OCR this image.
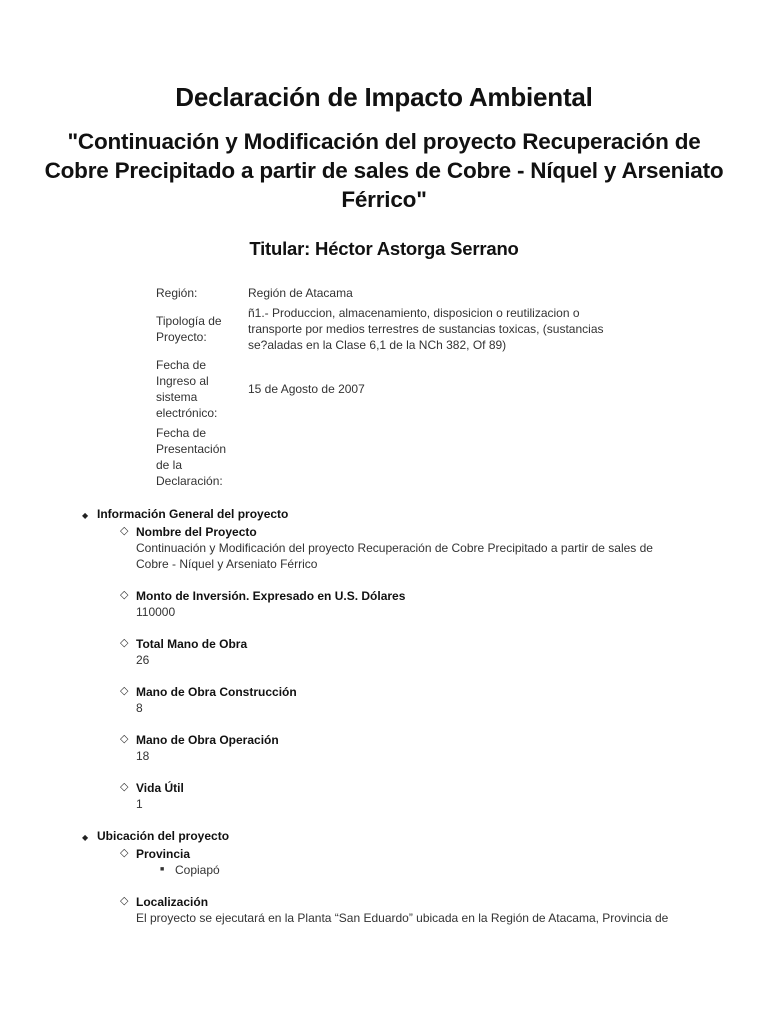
Declaración de Impacto Ambiental
"Continuación y Modificación del proyecto Recuperación de Cobre Precipitado a partir de sales de Cobre - Níquel y Arseniato Férrico"
Titular: Héctor Astorga Serrano
Región:	Región de Atacama
Tipología de Proyecto:	ñ1.- Produccion, almacenamiento, disposicion o reutilizacion o transporte por medios terrestres de sustancias toxicas, (sustancias se?aladas en la Clase 6,1 de la NCh 382, Of 89)
Fecha de Ingreso al sistema electrónico:	15 de Agosto de 2007
Fecha de Presentación de la Declaración:	
◆ Información General del proyecto
◇ Nombre del Proyecto
Continuación y Modificación del proyecto Recuperación de Cobre Precipitado a partir de sales de Cobre - Níquel y Arseniato Férrico
◇ Monto de Inversión. Expresado en U.S. Dólares
110000
◇ Total Mano de Obra
26
◇ Mano de Obra Construcción
8
◇ Mano de Obra Operación
18
◇ Vida Útil
1
◆ Ubicación del proyecto
◇ Provincia
■ Copiapó
◇ Localización
El proyecto se ejecutará en la Planta “San Eduardo” ubicada en la Región de Atacama, Provincia de
